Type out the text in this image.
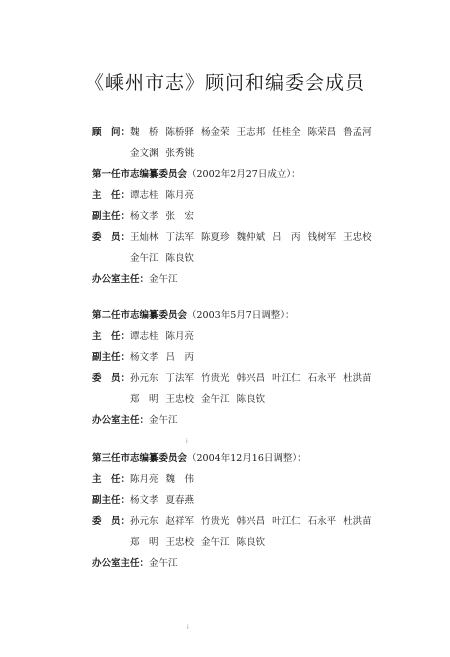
《嵊州市志》顾问和编委会成员
顾　问： 魏　桥 陈桥驿 杨金荣 王志邦 任桂全 陈荣昌 鲁孟河
金文渊 张秀铫
第一任市志编纂委员会（2002年2月27日成立）：
主　任： 谭志桂 陈月亮
副主任： 杨文孝 张　宏
委　员： 王灿林 丁法军 陈夏珍 魏仲斌 吕　丙 钱树军 王忠校
金午江 陈良钦
办公室主任： 金午江
第二任市志编纂委员会（2003年5月7日调整）：
主　任： 谭志桂 陈月亮
副主任： 杨文孝 吕　丙
委　员： 孙元东 丁法军 竹贵光 韩兴昌 叶江仁 石永平 杜洪苗
郑　明 王忠校 金午江 陈良钦
办公室主任： 金午江
第三任市志编纂委员会（2004年12月16日调整）：
主　任： 陈月亮 魏　伟
副主任： 杨文孝 夏春燕
委　员： 孙元东 赵祥军 竹贵光 韩兴昌 叶江仁 石永平 杜洪苗
郑　明 王忠校 金午江 陈良钦
办公室主任： 金午江
⁞
⁞
